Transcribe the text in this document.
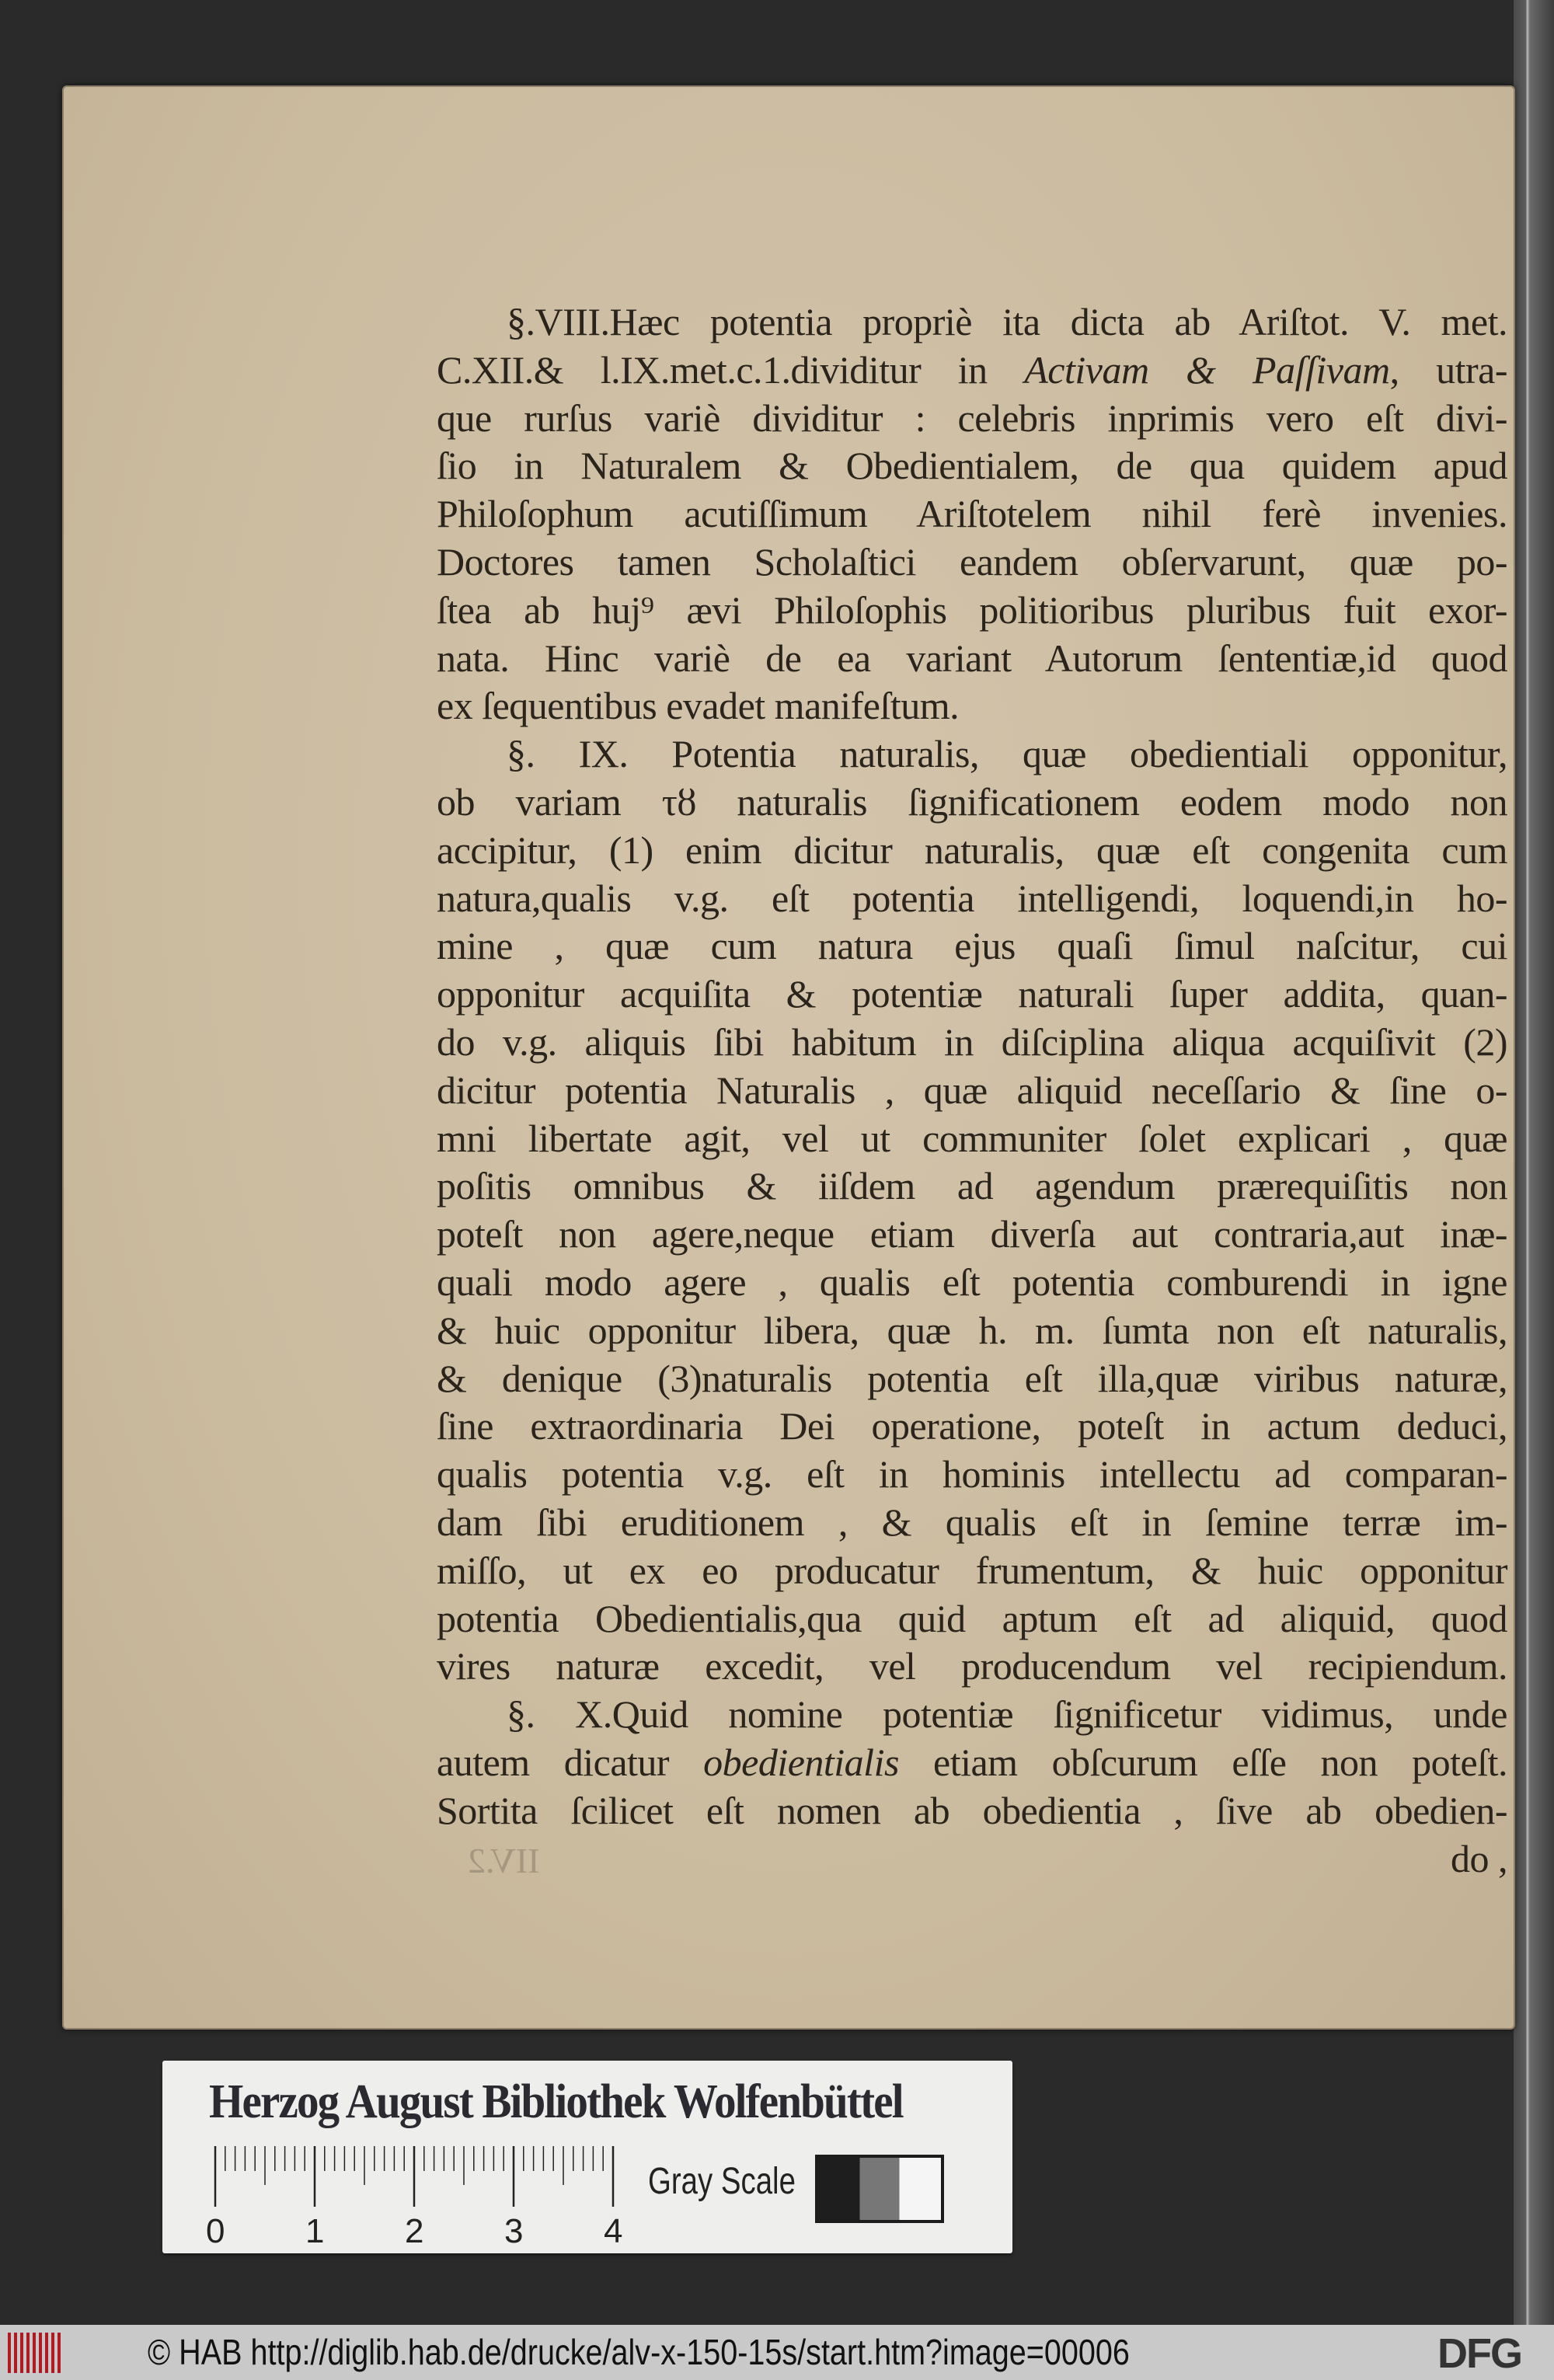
§.VIII.Hæc potentia propriè ita dicta ab Ariſtot. V. met.
C.XII.& l.IX.met.c.1.dividitur in Activam & Paſſivam, utra-
que rurſus variè dividitur : celebris inprimis vero eſt divi-
ſio in Naturalem & Obedientialem, de qua quidem apud
Philoſophum acutiſſimum Ariſtotelem nihil ferè invenies.
Doctores tamen Scholaſtici eandem obſervarunt, quæ po-
ſtea ab huj⁹ ævi Philoſophis politioribus pluribus fuit exor-
nata. Hinc variè de ea variant Autorum ſententiæ,id quod
ex ſequentibus evadet manifeſtum.
§. IX. Potentia naturalis, quæ obedientiali opponitur,
ob variam τȣ naturalis ſignificationem eodem modo non
accipitur, (1) enim dicitur naturalis, quæ eſt congenita cum
natura,qualis v.g. eſt potentia intelligendi, loquendi,in ho-
mine , quæ cum natura ejus quaſi ſimul naſcitur, cui
opponitur acquiſita & potentiæ naturali ſuper addita, quan-
do v.g. aliquis ſibi habitum in diſciplina aliqua acquiſivit (2)
dicitur potentia Naturalis , quæ aliquid neceſſario & ſine o-
mni libertate agit, vel ut communiter ſolet explicari , quæ
poſitis omnibus & iiſdem ad agendum prærequiſitis non
poteſt non agere,neque etiam diverſa aut contraria,aut inæ-
quali modo agere , qualis eſt potentia comburendi in igne
& huic opponitur libera, quæ h. m. ſumta non eſt naturalis,
& denique (3)naturalis potentia eſt illa,quæ viribus naturæ,
ſine extraordinaria Dei operatione, poteſt in actum deduci,
qualis potentia v.g. eſt in hominis intellectu ad comparan-
dam ſibi eruditionem , & qualis eſt in ſemine terræ im-
miſſo, ut ex eo producatur frumentum, & huic opponitur
potentia Obedientialis,qua quid aptum eſt ad aliquid, quod
vires naturæ excedit, vel producendum vel recipiendum.
§. X.Quid nomine potentiæ ſignificetur vidimus, unde
autem dicatur obedientialis etiam obſcurum eſſe non poteſt.
Sortita ſcilicet eſt nomen ab obedientia , ſive ab obedien-
do ,
IIV.2
Herzog August Bibliothek Wolfenbüttel
0 1 2 3 4
Gray Scale
© HAB http://diglib.hab.de/drucke/alv-x-150-15s/start.htm?image=00006	DFG
